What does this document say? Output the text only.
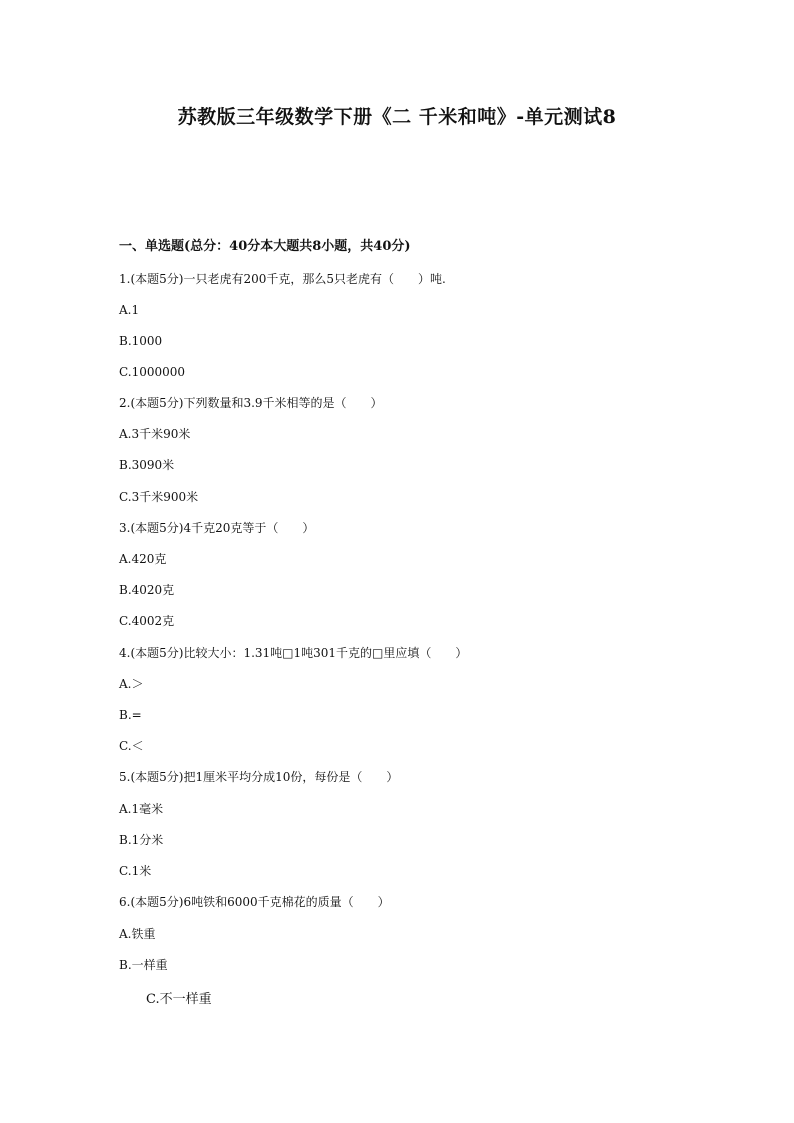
苏教版三年级数学下册《二 千米和吨》-单元测试8
一、单选题(总分：40分本大题共8小题，共40分)
1.(本题5分)一只老虎有200千克，那么5只老虎有（　　）吨.
A.1
B.1000
C.1000000
2.(本题5分)下列数量和3.9千米相等的是（　　）
A.3千米90米
B.3090米
C.3千米900米
3.(本题5分)4千克20克等于（　　）
A.420克
B.4020克
C.4002克
4.(本题5分)比较大小：1.31吨□1吨301千克的□里应填（　　）
A.＞
B.=
C.＜
5.(本题5分)把1厘米平均分成10份，每份是（　　）
A.1毫米
B.1分米
C.1米
6.(本题5分)6吨铁和6000千克棉花的质量（　　）
A.铁重
B.一样重
C.不一样重
